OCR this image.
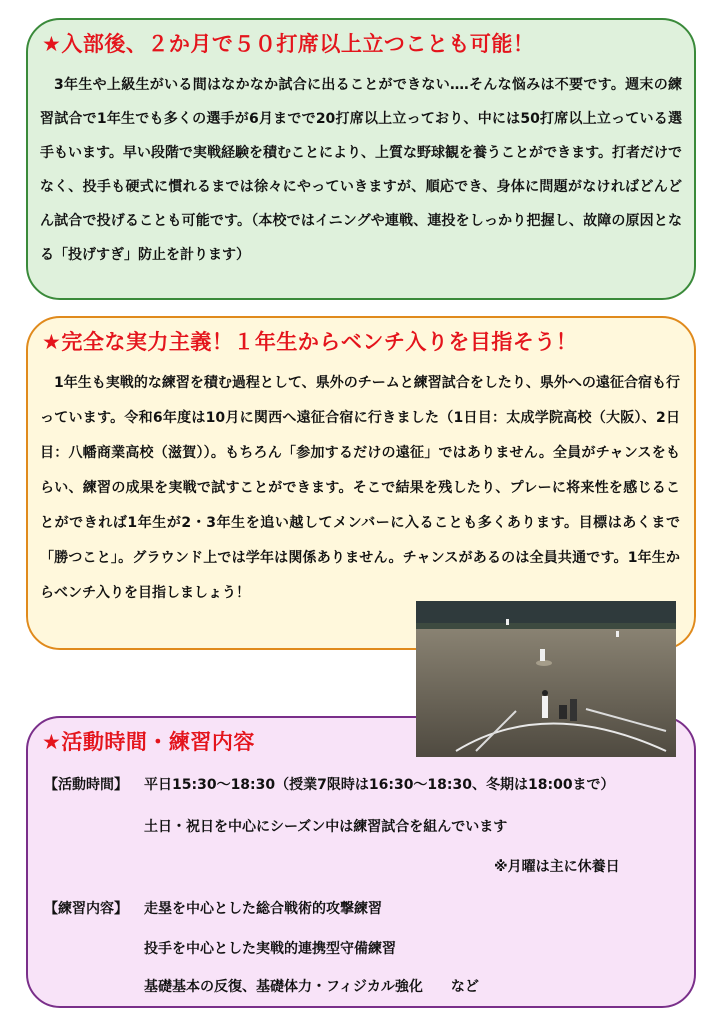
★入部後、２か月で５０打席以上立つことも可能！

3年生や上級生がいる間はなかなか試合に出ることができない‥‥そんな悩みは不要です。週末の練習試合で1年生でも多くの選手が6月までで20打席以上立っており、中には50打席以上立っている選手もいます。早い段階で実戦経験を積むことにより、上質な野球観を養うことができます。打者だけでなく、投手も硬式に慣れるまでは徐々にやっていきますが、順応でき、身体に問題がなければどんどん試合で投げることも可能です。（本校ではイニングや連戦、連投をしっかり把握し、故障の原因となる「投げすぎ」防止を計ります）

★完全な実力主義！１年生からベンチ入りを目指そう！

1年生も実戦的な練習を積む過程として、県外のチームと練習試合をしたり、県外への遠征合宿も行っています。令和6年度は10月に関西へ遠征合宿に行きました（1日目：太成学院高校（大阪）、2日目：八幡商業高校（滋賀））。もちろん「参加するだけの遠征」ではありません。全員がチャンスをもらい、練習の成果を実戦で試すことができます。そこで結果を残したり、プレーに将来性を感じることができれば1年生が2・3年生を追い越してメンバーに入ることも多くあります。目標はあくまで「勝つこと」。グラウンド上では学年は関係ありません。チャンスがあるのは全員共通です。1年生からベンチ入りを目指しましょう！

★活動時間・練習内容
【活動時間】 平日15:30～18:30（授業7限時は16:30～18:30、冬期は18:00まで）
土日・祝日を中心にシーズン中は練習試合を組んでいます
※月曜は主に休養日
【練習内容】 走塁を中心とした総合戦術的攻撃練習
投手を中心とした実戦的連携型守備練習
基礎基本の反復、基礎体力・フィジカル強化　　など
